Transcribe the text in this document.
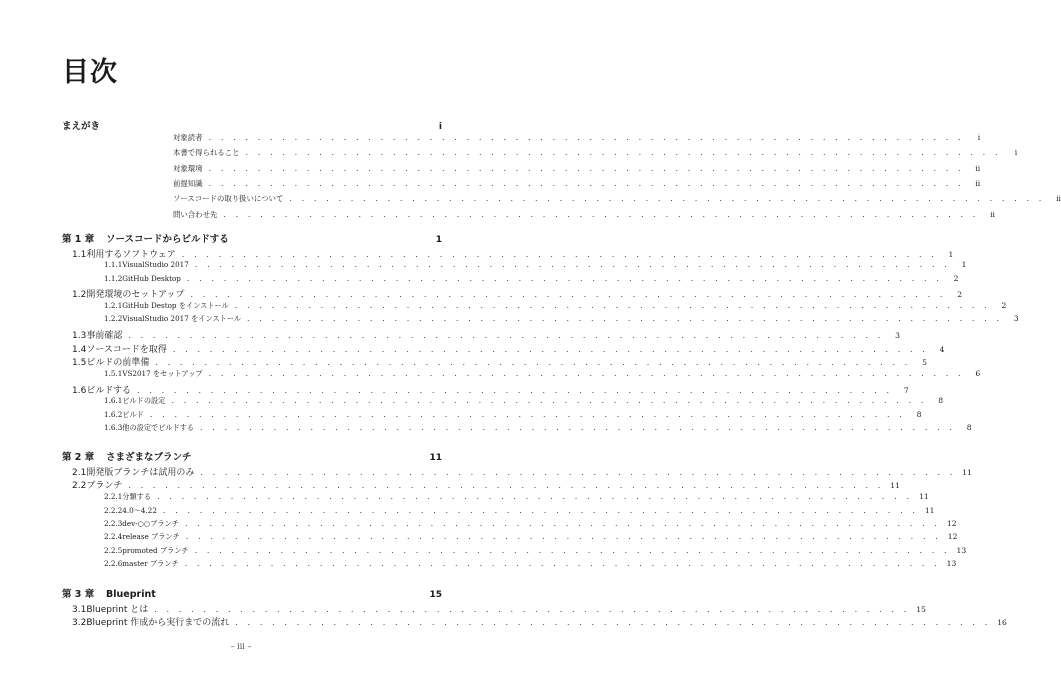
目次
まえがき	i
対象読者 . . . . . . . . . . . . . . . . . . . . . . . . . . . . . . . . . . . . . . . . . . . . . . . . . . . . . . . . . . . . . .	i
本書で得られること . . . . . . . . . . . . . . . . . . . . . . . . . . . . . . . . . . . . . . . . . . . . . . . . . . . . . . . . . . . . . .	i
対象環境 . . . . . . . . . . . . . . . . . . . . . . . . . . . . . . . . . . . . . . . . . . . . . . . . . . . . . . . . . . . . . .	ii
前提知識 . . . . . . . . . . . . . . . . . . . . . . . . . . . . . . . . . . . . . . . . . . . . . . . . . . . . . . . . . . . . . .	ii
ソースコードの取り扱いについて . . . . . . . . . . . . . . . . . . . . . . . . . . . . . . . . . . . . . . . . . . . . . . . . . . . . . . . . . . . . . .	ii
問い合わせ先 . . . . . . . . . . . . . . . . . . . . . . . . . . . . . . . . . . . . . . . . . . . . . . . . . . . . . . . . . . . . . .	ii
第 1 章	ソースコードからビルドする	1
1.1 利用するソフトウェア . . . . . . . . . . . . . . . . . . . . . . . . . . . . . . . . . . . . . . . . . . . . . . . . . . . . . . . . . . . . . .	1
1.1.1 VisualStudio 2017 . . . . . . . . . . . . . . . . . . . . . . . . . . . . . . . . . . . . . . . . . . . . . . . . . . . . . . . . . . . . . .	1
1.1.2 GitHub Desktop . . . . . . . . . . . . . . . . . . . . . . . . . . . . . . . . . . . . . . . . . . . . . . . . . . . . . . . . . . . . . .	2
1.2 開発環境のセットアップ . . . . . . . . . . . . . . . . . . . . . . . . . . . . . . . . . . . . . . . . . . . . . . . . . . . . . . . . . . . . . .	2
1.2.1 GitHub Destop をインストール . . . . . . . . . . . . . . . . . . . . . . . . . . . . . . . . . . . . . . . . . . . . . . . . . . . . . . . . . . . . . .	2
1.2.2 VisualStudio 2017 をインストール . . . . . . . . . . . . . . . . . . . . . . . . . . . . . . . . . . . . . . . . . . . . . . . . . . . . . . . . . . . . . .	3
1.3 事前確認 . . . . . . . . . . . . . . . . . . . . . . . . . . . . . . . . . . . . . . . . . . . . . . . . . . . . . . . . . . . . . .	3
1.4 ソースコードを取得 . . . . . . . . . . . . . . . . . . . . . . . . . . . . . . . . . . . . . . . . . . . . . . . . . . . . . . . . . . . . . .	4
1.5 ビルドの前準備 . . . . . . . . . . . . . . . . . . . . . . . . . . . . . . . . . . . . . . . . . . . . . . . . . . . . . . . . . . . . . .	5
1.5.1 VS2017 をセットアップ . . . . . . . . . . . . . . . . . . . . . . . . . . . . . . . . . . . . . . . . . . . . . . . . . . . . . . . . . . . . . .	6
1.6 ビルドする . . . . . . . . . . . . . . . . . . . . . . . . . . . . . . . . . . . . . . . . . . . . . . . . . . . . . . . . . . . . . .	7
1.6.1 ビルドの設定 . . . . . . . . . . . . . . . . . . . . . . . . . . . . . . . . . . . . . . . . . . . . . . . . . . . . . . . . . . . . . .	8
1.6.2 ビルド . . . . . . . . . . . . . . . . . . . . . . . . . . . . . . . . . . . . . . . . . . . . . . . . . . . . . . . . . . . . . .	8
1.6.3 他の設定でビルドする . . . . . . . . . . . . . . . . . . . . . . . . . . . . . . . . . . . . . . . . . . . . . . . . . . . . . . . . . . . . . .	8
第 2 章	さまざまなブランチ	11
2.1 開発版ブランチは試用のみ . . . . . . . . . . . . . . . . . . . . . . . . . . . . . . . . . . . . . . . . . . . . . . . . . . . . . . . . . . . . . . 11
2.2 ブランチ . . . . . . . . . . . . . . . . . . . . . . . . . . . . . . . . . . . . . . . . . . . . . . . . . . . . . . . . . . . . . . 11
2.2.1 分類する . . . . . . . . . . . . . . . . . . . . . . . . . . . . . . . . . . . . . . . . . . . . . . . . . . . . . . . . . . . . . . 11
2.2.2 4.0〜4.22 . . . . . . . . . . . . . . . . . . . . . . . . . . . . . . . . . . . . . . . . . . . . . . . . . . . . . . . . . . . . . . 11
2.2.3 dev-○○ブランチ . . . . . . . . . . . . . . . . . . . . . . . . . . . . . . . . . . . . . . . . . . . . . . . . . . . . . . . . . . . . . . 12
2.2.4 release ブランチ . . . . . . . . . . . . . . . . . . . . . . . . . . . . . . . . . . . . . . . . . . . . . . . . . . . . . . . . . . . . . . 12
2.2.5 promoted ブランチ . . . . . . . . . . . . . . . . . . . . . . . . . . . . . . . . . . . . . . . . . . . . . . . . . . . . . . . . . . . . . . 13
2.2.6 master ブランチ . . . . . . . . . . . . . . . . . . . . . . . . . . . . . . . . . . . . . . . . . . . . . . . . . . . . . . . . . . . . . . 13
第 3 章	Blueprint	15
3.1 Blueprint とは . . . . . . . . . . . . . . . . . . . . . . . . . . . . . . . . . . . . . . . . . . . . . . . . . . . . . . . . . . . . . . 15
3.2 Blueprint 作成から実行までの流れ . . . . . . . . . . . . . . . . . . . . . . . . . . . . . . . . . . . . . . . . . . . . . . . . . . . . . . . . . . . . . . 16
– iii –
